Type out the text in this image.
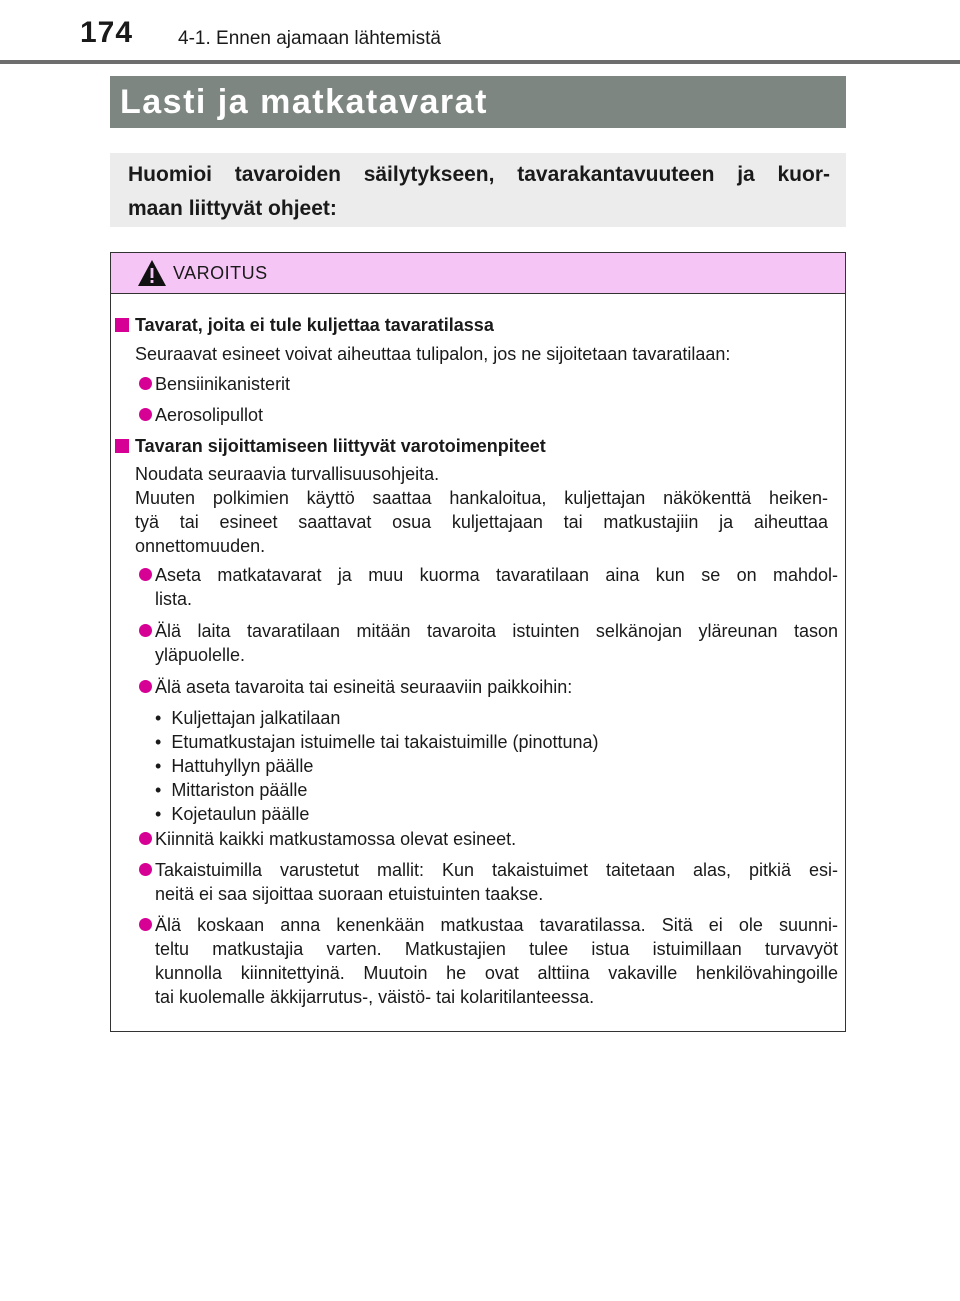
174 4-1. Ennen ajamaan lähtemistä
Lasti ja matkatavarat
Huomioi tavaroiden säilytykseen, tavarakantavuuteen ja kuor-
maan liittyvät ohjeet:
VAROITUS
Tavarat, joita ei tule kuljettaa tavaratilassa
Seuraavat esineet voivat aiheuttaa tulipalon, jos ne sijoitetaan tavaratilaan:
Bensiinikanisterit
Aerosolipullot
Tavaran sijoittamiseen liittyvät varotoimenpiteet
Noudata seuraavia turvallisuusohjeita.
Muuten polkimien käyttö saattaa hankaloitua, kuljettajan näkökenttä heiken-
tyä tai esineet saattavat osua kuljettajaan tai matkustajiin ja aiheuttaa
onnettomuuden.
Aseta matkatavarat ja muu kuorma tavaratilaan aina kun se on mahdol-
lista.
Älä laita tavaratilaan mitään tavaroita istuinten selkänojan yläreunan tason
yläpuolelle.
Älä aseta tavaroita tai esineitä seuraaviin paikkoihin:
•  Kuljettajan jalkatilaan
•  Etumatkustajan istuimelle tai takaistuimille (pinottuna)
•  Hattuhyllyn päälle
•  Mittariston päälle
•  Kojetaulun päälle
Kiinnitä kaikki matkustamossa olevat esineet.
Takaistuimilla varustetut mallit: Kun takaistuimet taitetaan alas, pitkiä esi-
neitä ei saa sijoittaa suoraan etuistuinten taakse.
Älä koskaan anna kenenkään matkustaa tavaratilassa. Sitä ei ole suunni-
teltu matkustajia varten. Matkustajien tulee istua istuimillaan turvavyöt
kunnolla kiinnitettyinä. Muutoin he ovat alttiina vakaville henkilövahingoille
tai kuolemalle äkkijarrutus-, väistö- tai kolaritilanteessa.
